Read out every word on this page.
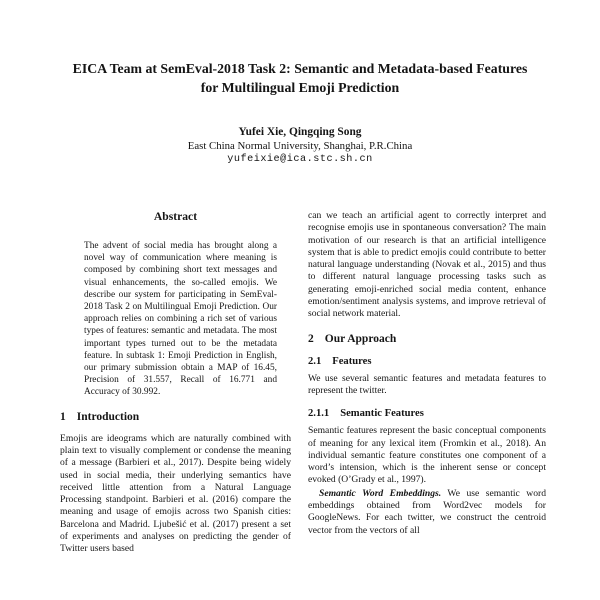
EICA Team at SemEval-2018 Task 2: Semantic and Metadata-based Features for Multilingual Emoji Prediction
Yufei Xie, Qingqing Song
East China Normal University, Shanghai, P.R.China
yufeixie@ica.stc.sh.cn
Abstract

The advent of social media has brought along a novel way of communication where meaning is composed by combining short text messages and visual enhancements, the so-called emojis. We describe our system for participating in SemEval-2018 Task 2 on Multilingual Emoji Prediction. Our approach relies on combining a rich set of various types of features: semantic and metadata. The most important types turned out to be the metadata feature. In subtask 1: Emoji Prediction in English, our primary submission obtain a MAP of 16.45, Precision of 31.557, Recall of 16.771 and Accuracy of 30.992.

1 Introduction

Emojis are ideograms which are naturally combined with plain text to visually complement or condense the meaning of a message (Barbieri et al., 2017). Despite being widely used in social media, their underlying semantics have received little attention from a Natural Language Processing standpoint. Barbieri et al. (2016) compare the meaning and usage of emojis across two Spanish cities: Barcelona and Madrid. Ljubešić et al. (2017) present a set of experiments and analyses on predicting the gender of Twitter users based

can we teach an artificial agent to correctly interpret and recognise emojis use in spontaneous conversation? The main motivation of our research is that an artificial intelligence system that is able to predict emojis could contribute to better natural language understanding (Novak et al., 2015) and thus to different natural language processing tasks such as generating emoji-enriched social media content, enhance emotion/sentiment analysis systems, and improve retrieval of social network material.

2 Our Approach
2.1 Features

We use several semantic features and metadata features to represent the twitter.

2.1.1 Semantic Features

Semantic features represent the basic conceptual components of meaning for any lexical item (Fromkin et al., 2018). An individual semantic feature constitutes one component of a word’s intension, which is the inherent sense or concept evoked (O’Grady et al., 1997).

Semantic Word Embeddings. We use semantic word embeddings obtained from Word2vec models for GoogleNews. For each twitter, we construct the centroid vector from the vectors of all
